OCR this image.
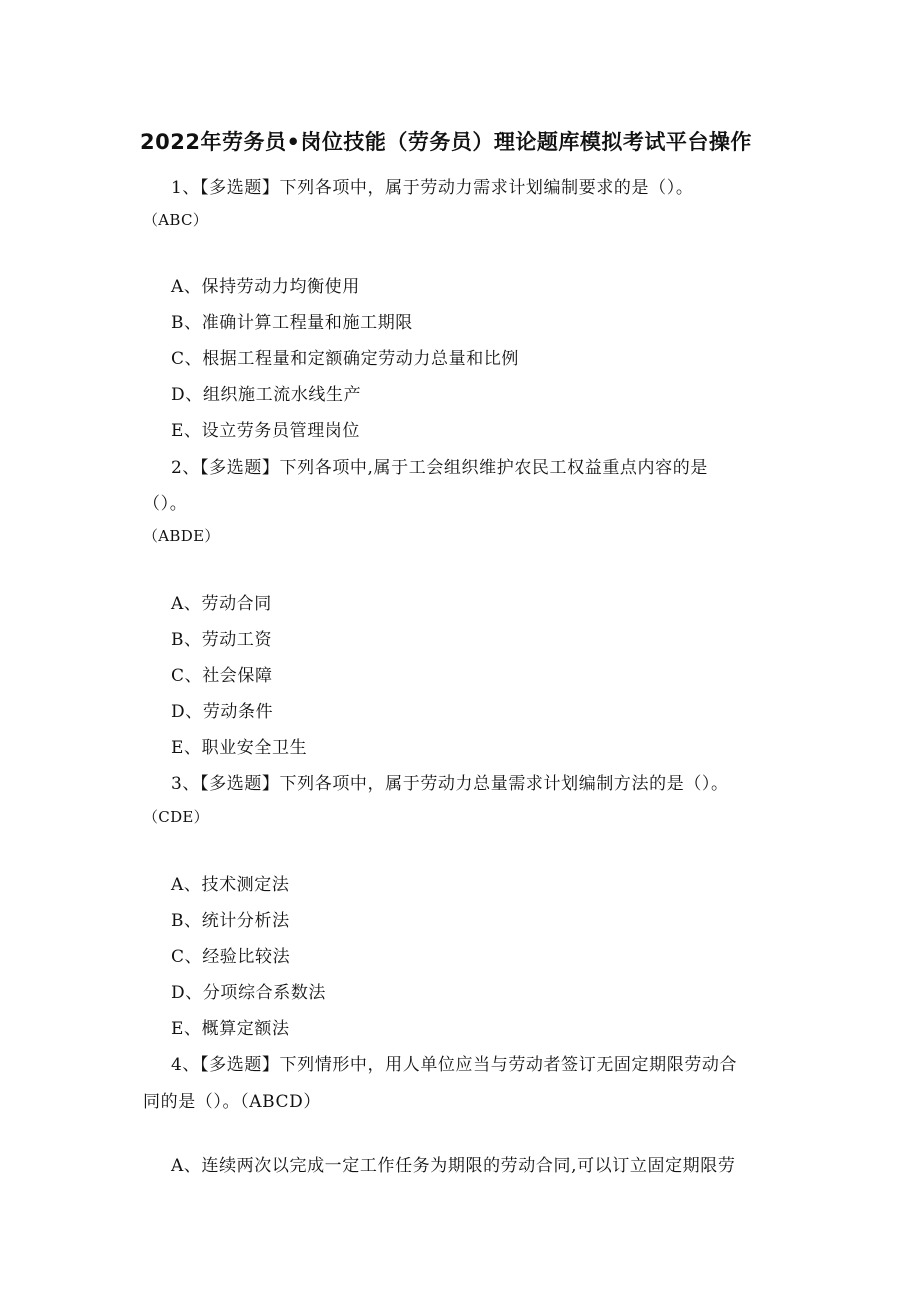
2022年劳务员•岗位技能（劳务员）理论题库模拟考试平台操作
1、【多选题】下列各项中，属于劳动力需求计划编制要求的是（）。
（ABC）
A、保持劳动力均衡使用
B、准确计算工程量和施工期限
C、根据工程量和定额确定劳动力总量和比例
D、组织施工流水线生产
E、设立劳务员管理岗位
2、【多选题】下列各项中,属于工会组织维护农民工权益重点内容的是
（）。
（ABDE）
A、劳动合同
B、劳动工资
C、社会保障
D、劳动条件
E、职业安全卫生
3、【多选题】下列各项中，属于劳动力总量需求计划编制方法的是（）。
（CDE）
A、技术测定法
B、统计分析法
C、经验比较法
D、分项综合系数法
E、概算定额法
4、【多选题】下列情形中，用人单位应当与劳动者签订无固定期限劳动合
同的是（）。（ABCD）
A、连续两次以完成一定工作任务为期限的劳动合同,可以订立固定期限劳
